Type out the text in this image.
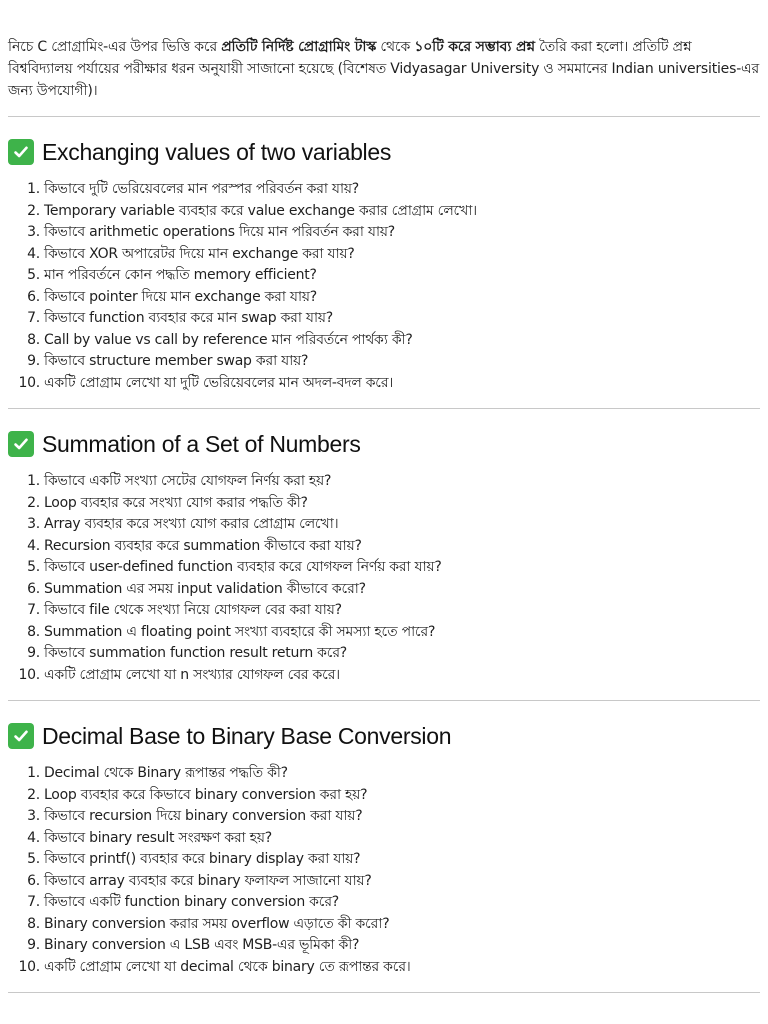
নিচে C প্রোগ্রামিং-এর উপর ভিত্তি করে প্রতিটি নির্দিষ্ট প্রোগ্রামিং টাস্ক থেকে ১০টি করে সম্ভাব্য প্রশ্ন তৈরি করা হলো। প্রতিটি প্রশ্ন বিশ্ববিদ্যালয় পর্যায়ের পরীক্ষার ধরন অনুযায়ী সাজানো হয়েছে (বিশেষত Vidyasagar University ও সমমানের Indian universities-এর জন্য উপযোগী)।

Exchanging values of two variables
কিভাবে দুটি ভেরিয়েবলের মান পরস্পর পরিবর্তন করা যায়?
Temporary variable ব্যবহার করে value exchange করার প্রোগ্রাম লেখো।
কিভাবে arithmetic operations দিয়ে মান পরিবর্তন করা যায়?
কিভাবে XOR অপারেটর দিয়ে মান exchange করা যায়?
মান পরিবর্তনে কোন পদ্ধতি memory efficient?
কিভাবে pointer দিয়ে মান exchange করা যায়?
কিভাবে function ব্যবহার করে মান swap করা যায়?
Call by value vs call by reference মান পরিবর্তনে পার্থক্য কী?
কিভাবে structure member swap করা যায়?
একটি প্রোগ্রাম লেখো যা দুটি ভেরিয়েবলের মান অদল-বদল করে।
Summation of a Set of Numbers
কিভাবে একটি সংখ্যা সেটের যোগফল নির্ণয় করা হয়?
Loop ব্যবহার করে সংখ্যা যোগ করার পদ্ধতি কী?
Array ব্যবহার করে সংখ্যা যোগ করার প্রোগ্রাম লেখো।
Recursion ব্যবহার করে summation কীভাবে করা যায়?
কিভাবে user-defined function ব্যবহার করে যোগফল নির্ণয় করা যায়?
Summation এর সময় input validation কীভাবে করো?
কিভাবে file থেকে সংখ্যা নিয়ে যোগফল বের করা যায়?
Summation এ floating point সংখ্যা ব্যবহারে কী সমস্যা হতে পারে?
কিভাবে summation function result return করে?
একটি প্রোগ্রাম লেখো যা n সংখ্যার যোগফল বের করে।
Decimal Base to Binary Base Conversion
Decimal থেকে Binary রূপান্তর পদ্ধতি কী?
Loop ব্যবহার করে কিভাবে binary conversion করা হয়?
কিভাবে recursion দিয়ে binary conversion করা যায়?
কিভাবে binary result সংরক্ষণ করা হয়?
কিভাবে printf() ব্যবহার করে binary display করা যায়?
কিভাবে array ব্যবহার করে binary ফলাফল সাজানো যায়?
কিভাবে একটি function binary conversion করে?
Binary conversion করার সময় overflow এড়াতে কী করো?
Binary conversion এ LSB এবং MSB-এর ভূমিকা কী?
একটি প্রোগ্রাম লেখো যা decimal থেকে binary তে রূপান্তর করে।
